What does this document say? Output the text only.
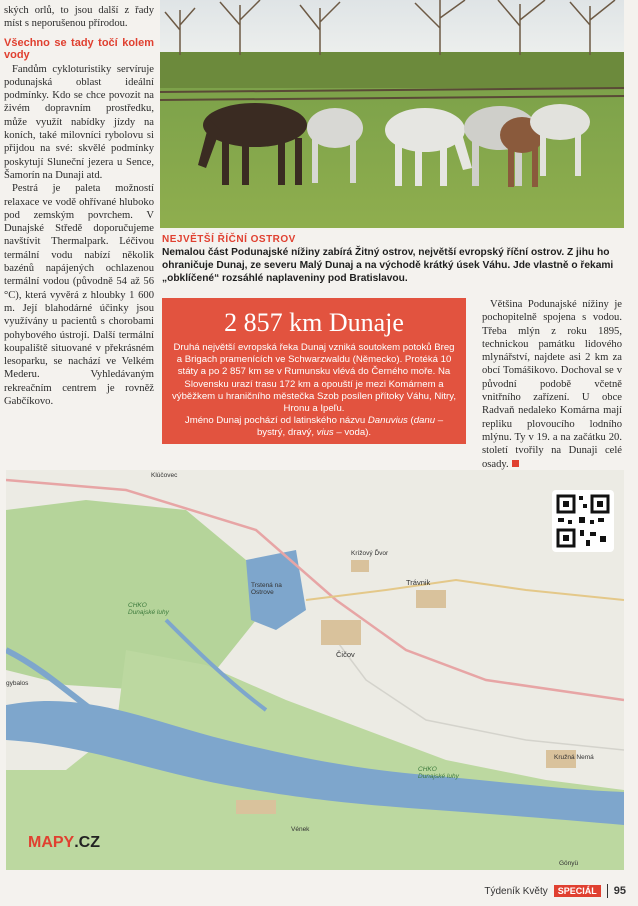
ských orlů, to jsou další z řady míst s neporušenou přírodou.

Všechno se tady točí kolem vody

Fandům cykloturistiky servíruje podunajská oblast ideální podmínky. Kdo se chce povozit na živém dopravním prostředku, může využít nabídky jízdy na koních, také milovníci rybolovu si přijdou na své: skvělé podmínky poskytují Sluneční jezera u Sence, Šamorín na Dunaji atd.

Pestrá je paleta možností relaxace ve vodě ohřívané hluboko pod zemským povrchem. V Dunajské Středě doporučujeme navštívit Thermalpark. Léčivou termální vodu nabízí několik bazénů napájených ochlazenou termální vodou (původně 54 až 56 °C), která vyvěrá z hloubky 1 600 m. Její blahodárné účinky jsou využívány u pacientů s chorobami pohybového ústrojí. Další termální koupaliště situované v překrásném lesoparku, se nachází ve Velkém Mederu. Vyhledávaným rekreačním centrem je rovněž Gabčíkovo.

NEJVĚTŠÍ ŘÍČNÍ OSTROV
Nemalou část Podunajské nížiny zabírá Žitný ostrov, největší evropský říční ostrov. Z jihu ho ohraničuje Dunaj, ze severu Malý Dunaj a na východě krátký úsek Váhu. Jde vlastně o řekami „obklíčené“ rozsáhlé naplaveniny pod Bratislavou.
2 857 km Dunaje
Druhá největší evropská řeka Dunaj vzniká soutokem potoků Breg a Brigach pramenících ve Schwarzwaldu (Německo). Protéká 10 státy a po 2 857 km se v Rumunsku vlévá do Černého moře. Na Slovensku urazí trasu 172 km a opouští je mezi Komárnem a výběžkem u hraničního městečka Szob posílen přítoky Váhu, Nitry, Hronu a Ipeľu.
Jméno Dunaj pochází od latinského názvu Danuvius (danu – bystrý, dravý, vius – voda).

Většina Podunajské nížiny je pochopitelně spojena s vodou. Třeba mlýn z roku 1895, technickou památku lidového mlynářství, najdete asi 2 km za obcí Tomášikovo. Dochoval se v původní podobě včetně vnitřního zařízení. U obce Radvaň nedaleko Komárna mají repliku plovoucího lodního mlýnu. Ty v 19. a na začátku 20. století tvořily na Dunaji celé osady.

Klúčovec
CHKO Dunajské luhy
Krížový Ďvor
Trstená na Ostrove
Trávnik
Čičov
gybalos
CHKO Dunajské luhy
Kružná Nemá
Vének
Gönyü
MAPY.CZ
Týdeník Květy	SPECIÁL	95
